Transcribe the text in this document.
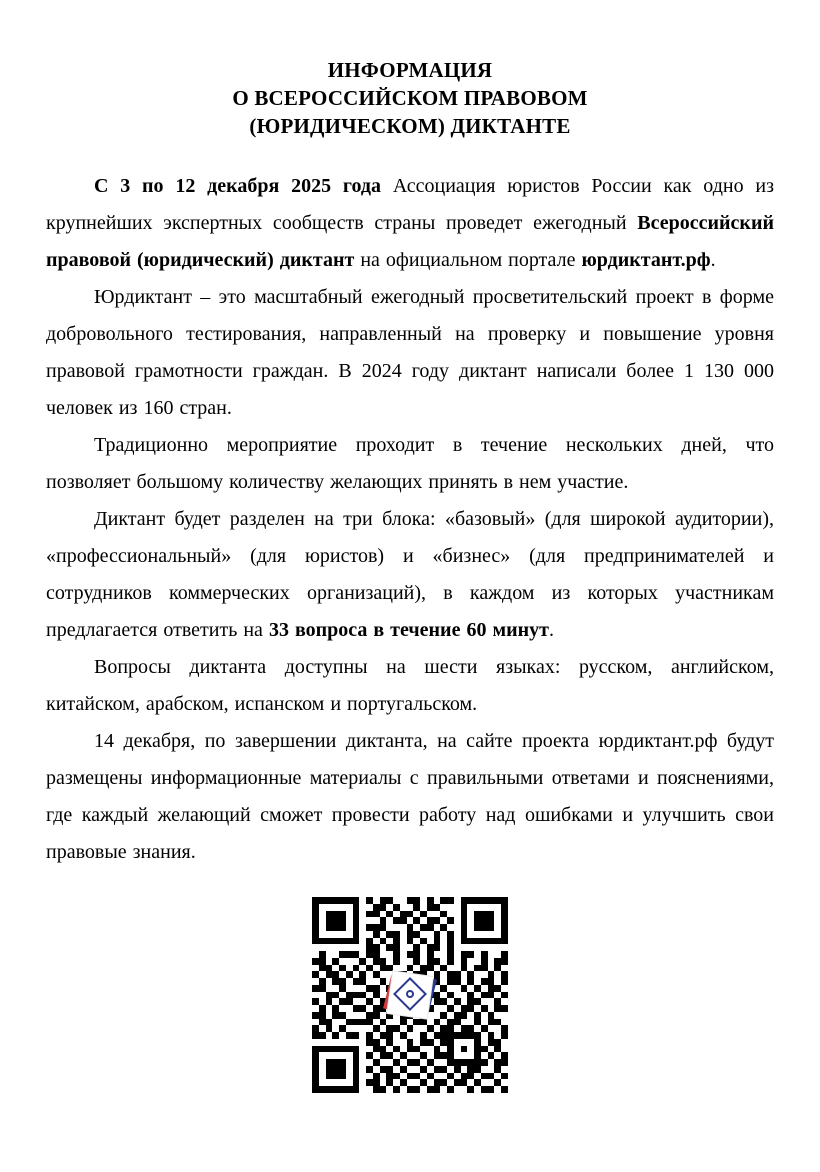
ИНФОРМАЦИЯ
О ВСЕРОССИЙСКОМ ПРАВОВОМ
(ЮРИДИЧЕСКОМ) ДИКТАНТЕ

С 3 по 12 декабря 2025 года Ассоциация юристов России как одно из крупнейших экспертных сообществ страны проведет ежегодный Всероссийский правовой (юридический) диктант на официальном портале юрдиктант.рф.

Юрдиктант – это масштабный ежегодный просветительский проект в форме добровольного тестирования, направленный на проверку и повышение уровня правовой грамотности граждан. В 2024 году диктант написали более 1 130 000 человек из 160 стран.

Традиционно мероприятие проходит в течение нескольких дней, что позволяет большому количеству желающих принять в нем участие.

Диктант будет разделен на три блока: «базовый» (для широкой аудитории), «профессиональный» (для юристов) и «бизнес» (для предпринимателей и сотрудников коммерческих организаций), в каждом из которых участникам предлагается ответить на 33 вопроса в течение 60 минут.

Вопросы диктанта доступны на шести языках: русском, английском, китайском, арабском, испанском и португальском.

14 декабря, по завершении диктанта, на сайте проекта юрдиктант.рф будут размещены информационные материалы с правильными ответами и пояснениями, где каждый желающий сможет провести работу над ошибками и улучшить свои правовые знания.
